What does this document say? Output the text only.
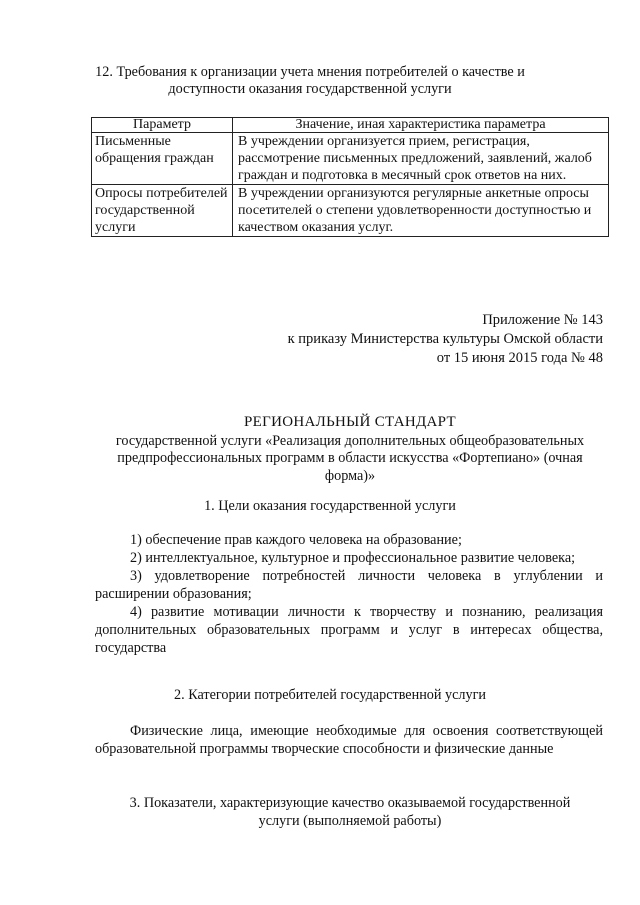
12. Требования к организации учета мнения потребителей о качестве и
доступности оказания государственной услуги
Параметр	Значение, иная характеристика параметра
Письменные обращения граждан	В учреждении организуется прием, регистрация, рассмотрение письменных предложений, заявлений, жалоб граждан и подготовка в месячный срок ответов на них.
Опросы потребителей государственной услуги	В учреждении организуются регулярные анкетные опросы посетителей о степени удовлетворенности доступностью и качеством оказания услуг.
Приложение № 143
к приказу Министерства культуры Омской области
от 15 июня 2015 года № 48
РЕГИОНАЛЬНЫЙ СТАНДАРТ
государственной услуги «Реализация дополнительных общеобразовательных
предпрофессиональных программ в области искусства «Фортепиано» (очная
форма)»
1. Цели оказания государственной услуги

1) обеспечение прав каждого человека на образование;

2) интеллектуальное, культурное и профессиональное развитие человека;

3) удовлетворение потребностей личности человека в углублении и расширении образования;

4) развитие мотивации личности к творчеству и познанию, реализация дополнительных образовательных программ и услуг в интересах общества, государства

2. Категории потребителей государственной услуги

Физические лица, имеющие необходимые для освоения соответствующей образовательной программы творческие способности и физические данные

3. Показатели, характеризующие качество оказываемой государственной
услуги (выполняемой работы)
